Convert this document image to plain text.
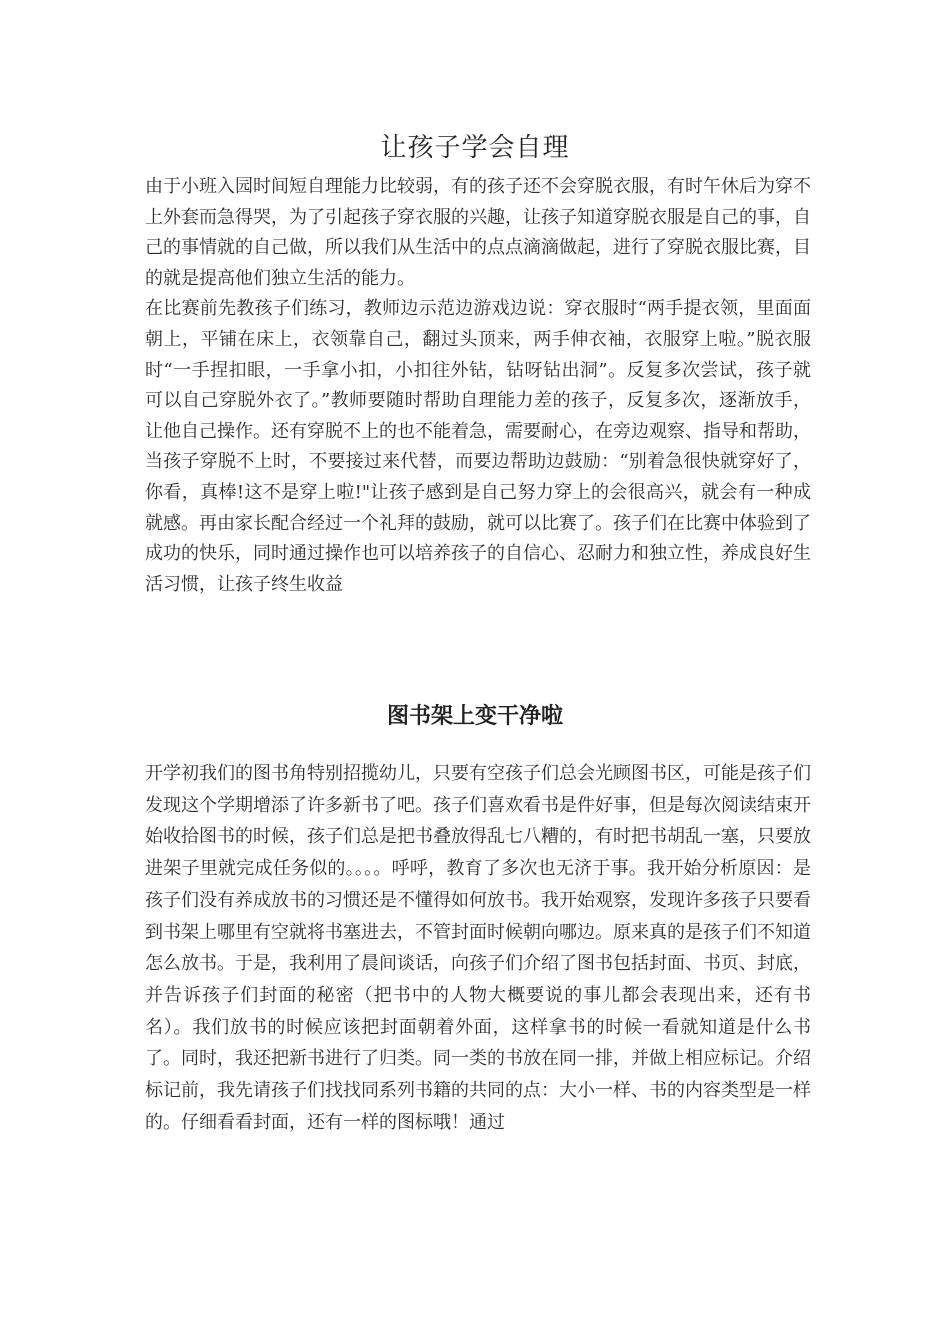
让孩子学会自理

由于小班入园时间短自理能力比较弱，有的孩子还不会穿脱衣服，有时午休后为穿不上外套而急得哭，为了引起孩子穿衣服的兴趣，让孩子知道穿脱衣服是自己的事，自己的事情就的自己做，所以我们从生活中的点点滴滴做起，进行了穿脱衣服比赛，目的就是提高他们独立生活的能力。

在比赛前先教孩子们练习，教师边示范边游戏边说：穿衣服时“两手提衣领，里面面朝上，平铺在床上，衣领靠自己，翻过头顶来，两手伸衣袖，衣服穿上啦。”脱衣服时“一手捏扣眼，一手拿小扣，小扣往外钻，钻呀钻出洞”。反复多次尝试，孩子就可以自己穿脱外衣了。”教师要随时帮助自理能力差的孩子，反复多次，逐渐放手，让他自己操作。还有穿脱不上的也不能着急，需要耐心，在旁边观察、指导和帮助，当孩子穿脱不上时，不要接过来代替，而要边帮助边鼓励：“别着急很快就穿好了，你看，真棒!这不是穿上啦!"让孩子感到是自己努力穿上的会很高兴，就会有一种成就感。再由家长配合经过一个礼拜的鼓励，就可以比赛了。孩子们在比赛中体验到了成功的快乐，同时通过操作也可以培养孩子的自信心、忍耐力和独立性，养成良好生活习惯，让孩子终生收益

图书架上变干净啦

开学初我们的图书角特别招揽幼儿，只要有空孩子们总会光顾图书区，可能是孩子们发现这个学期增添了许多新书了吧。孩子们喜欢看书是件好事，但是每次阅读结束开始收拾图书的时候，孩子们总是把书叠放得乱七八糟的，有时把书胡乱一塞，只要放进架子里就完成任务似的。。。。呼呼，教育了多次也无济于事。我开始分析原因：是孩子们没有养成放书的习惯还是不懂得如何放书。我开始观察，发现许多孩子只要看到书架上哪里有空就将书塞进去，不管封面时候朝向哪边。原来真的是孩子们不知道怎么放书。于是，我利用了晨间谈话，向孩子们介绍了图书包括封面、书页、封底，并告诉孩子们封面的秘密（把书中的人物大概要说的事儿都会表现出来，还有书名）。我们放书的时候应该把封面朝着外面，这样拿书的时候一看就知道是什么书了。同时，我还把新书进行了归类。同一类的书放在同一排，并做上相应标记。介绍标记前，我先请孩子们找找同系列书籍的共同的点：大小一样、书的内容类型是一样的。仔细看看封面，还有一样的图标哦！通过
